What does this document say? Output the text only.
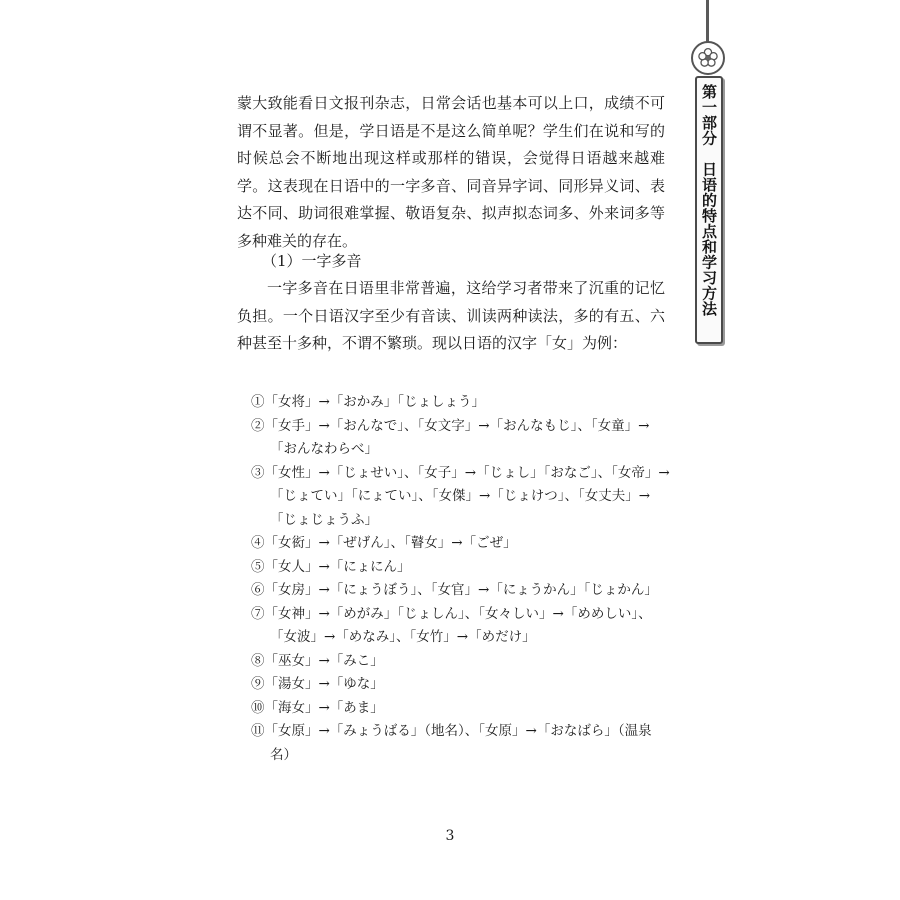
蒙大致能看日文报刊杂志，日常会话也基本可以上口，成绩不可谓不显著。但是，学日语是不是这么简单呢？学生们在说和写的时候总会不断地出现这样或那样的错误，会觉得日语越来越难学。这表现在日语中的一字多音、同音异字词、同形异义词、表达不同、助词很难掌握、敬语复杂、拟声拟态词多、外来词多等多种难关的存在。

（1）一字多音

一字多音在日语里非常普遍，这给学习者带来了沉重的记忆负担。一个日语汉字至少有音读、训读两种读法，多的有五、六种甚至十多种，不谓不繁琐。现以日语的汉字「女」为例：

①「女将」→「おかみ」「じょしょう」
②「女手」→「おんなで」、「女文字」→「おんなもじ」、「女童」→「おんなわらべ」
③「女性」→「じょせい」、「女子」→「じょし」「おなご」、「女帝」→「じょてい」「にょてい」、「女傑」→「じょけつ」、「女丈夫」→「じょじょうふ」
④「女衒」→「ぜげん」、「瞽女」→「ごぜ」
⑤「女人」→「にょにん」
⑥「女房」→「にょうぼう」、「女官」→「にょうかん」「じょかん」
⑦「女神」→「めがみ」「じょしん」、「女々しい」→「めめしい」、「女波」→「めなみ」、「女竹」→「めだけ」
⑧「巫女」→「みこ」
⑨「湯女」→「ゆな」
⑩「海女」→「あま」
⑪「女原」→「みょうばる」（地名）、「女原」→「おなばら」（温泉名）
3
第一部分　日语的特点和学习方法
